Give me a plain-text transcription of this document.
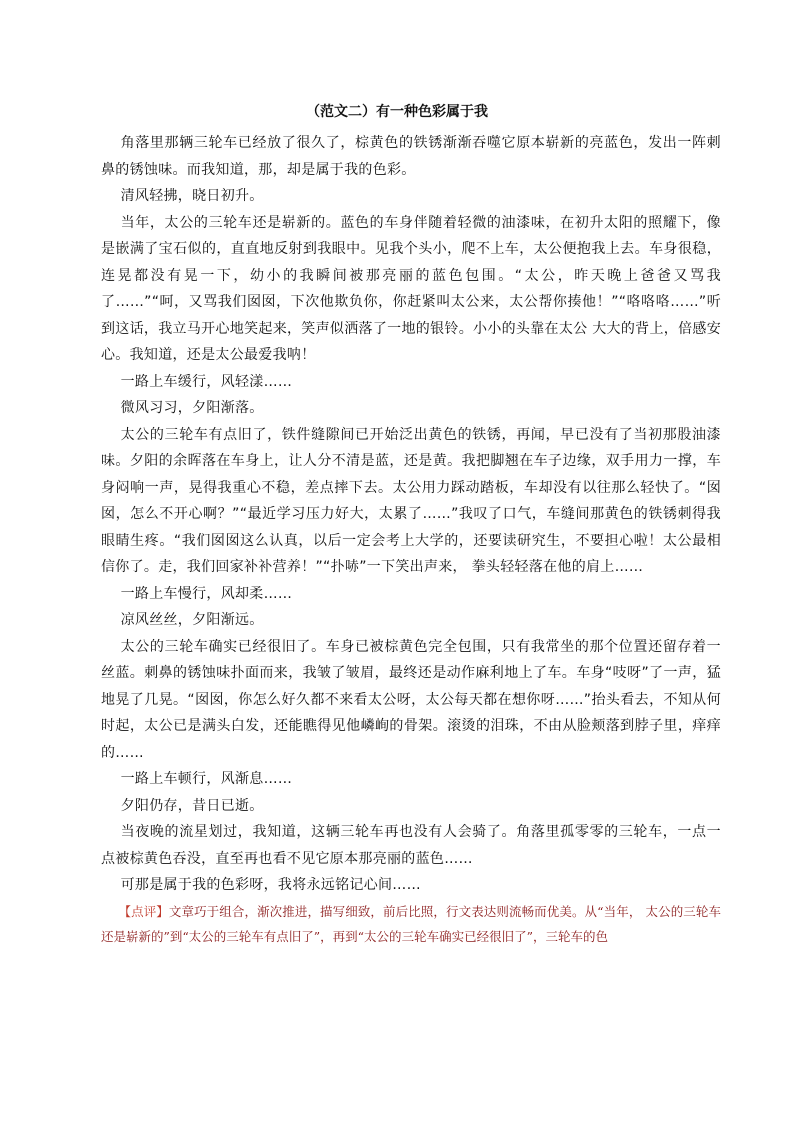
（范文二）有一种色彩属于我

角落里那辆三轮车已经放了很久了，棕黄色的铁锈渐渐吞噬它原本崭新的亮蓝色，发出一阵刺鼻的锈蚀味。而我知道，那，却是属于我的色彩。

清风轻拂，晓日初升。

当年，太公的三轮车还是崭新的。蓝色的车身伴随着轻微的油漆味，在初升太阳的照耀下，像是嵌满了宝石似的，直直地反射到我眼中。见我个头小，爬不上车，太公便抱我上去。车身很稳，连晃都没有晃一下，幼小的我瞬间被那亮丽的蓝色包围。“太公，昨天晚上爸爸又骂我了……”“呵，又骂我们囡囡，下次他欺负你，你赶紧叫太公来，太公帮你揍他！”“咯咯咯……”听到这话，我立马开心地笑起来，笑声似洒落了一地的银铃。小小的头靠在太公 大大的背上，倍感安心。我知道，还是太公最爱我呐！

一路上车缓行，风轻漾……

微风习习，夕阳渐落。

太公的三轮车有点旧了，铁件缝隙间已开始泛出黄色的铁锈，再闻，早已没有了当初那股油漆味。夕阳的余晖落在车身上，让人分不清是蓝，还是黄。我把脚翘在车子边缘，双手用力一撑，车身闷响一声，晃得我重心不稳，差点摔下去。太公用力踩动踏板，车却没有以往那么轻快了。“囡囡，怎么不开心啊？”“最近学习压力好大，太累了……”我叹了口气，车缝间那黄色的铁锈刺得我眼睛生疼。“我们囡囡这么认真，以后一定会考上大学的，还要读研究生，不要担心啦！太公最相信你了。走，我们回家补补营养！”“扑哧”一下笑出声来， 拳头轻轻落在他的肩上……

一路上车慢行，风却柔……

凉风丝丝，夕阳渐远。

太公的三轮车确实已经很旧了。车身已被棕黄色完全包围，只有我常坐的那个位置还留存着一丝蓝。刺鼻的锈蚀味扑面而来，我皱了皱眉，最终还是动作麻利地上了车。车身“吱呀”了一声，猛地晃了几晃。“囡囡，你怎么好久都不来看太公呀，太公每天都在想你呀……”抬头看去，不知从何时起，太公已是满头白发，还能瞧得见他嶙峋的骨架。滚烫的泪珠，不由从脸颊落到脖子里，痒痒的……

一路上车顿行，风渐息……

夕阳仍存，昔日已逝。

当夜晚的流星划过，我知道，这辆三轮车再也没有人会骑了。角落里孤零零的三轮车，一点一点被棕黄色吞没，直至再也看不见它原本那亮丽的蓝色……

可那是属于我的色彩呀，我将永远铭记心间……

【点评】文章巧于组合，渐次推进，描写细致，前后比照，行文表达则流畅而优美。从“当年， 太公的三轮车还是崭新的”到“太公的三轮车有点旧了”，再到“太公的三轮车确实已经很旧了”，三轮车的色
